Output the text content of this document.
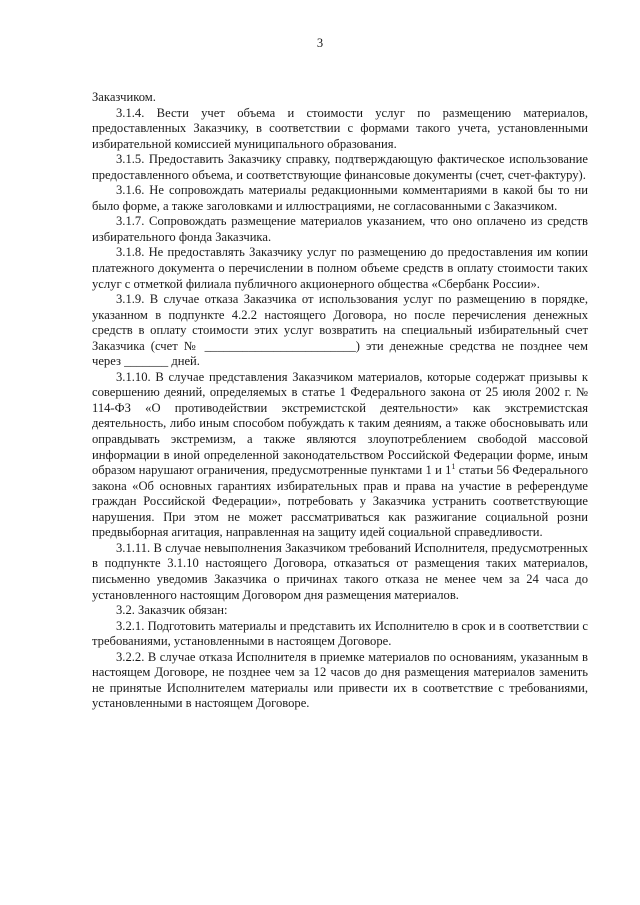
3

Заказчиком.

3.1.4. Вести учет объема и стоимости услуг по размещению материалов, предоставленных Заказчику, в соответствии с формами такого учета, установленными избирательной комиссией муниципального образования.

3.1.5. Предоставить Заказчику справку, подтверждающую фактическое использование предоставленного объема, и соответствующие финансовые документы (счет, счет-фактуру).

3.1.6. Не сопровождать материалы редакционными комментариями в какой бы то ни было форме, а также заголовками и иллюстрациями, не согласованными с Заказчиком.

3.1.7. Сопровождать размещение материалов указанием, что оно оплачено из средств избирательного фонда Заказчика.

3.1.8. Не предоставлять Заказчику услуг по размещению до предоставления им копии платежного документа о перечислении в полном объеме средств в оплату стоимости таких услуг с отметкой филиала публичного акционерного общества «Сбербанк России».

3.1.9. В случае отказа Заказчика от использования услуг по размещению в порядке, указанном в подпункте 4.2.2 настоящего Договора, но после перечисления денежных средств в оплату стоимости этих услуг возвратить на специальный избирательный счет Заказчика (счет № ________________________) эти денежные средства не позднее чем через _______ дней.

3.1.10. В случае представления Заказчиком материалов, которые содержат призывы к совершению деяний, определяемых в статье 1 Федерального закона от 25 июля 2002 г. № 114-ФЗ «О противодействии экстремистской деятельности» как экстремистская деятельность, либо иным способом побуждать к таким деяниям, а также обосновывать или оправдывать экстремизм, а также являются злоупотреблением свободой массовой информации в иной определенной законодательством Российской Федерации форме, иным образом нарушают ограничения, предусмотренные пунктами 1 и $1^1$ статьи 56 Федерального закона «Об основных гарантиях избирательных прав и права на участие в референдуме граждан Российской Федерации», потребовать у Заказчика устранить соответствующие нарушения. При этом не может рассматриваться как разжигание социальной розни предвыборная агитация, направленная на защиту идей социальной справедливости.

3.1.11. В случае невыполнения Заказчиком требований Исполнителя, предусмотренных в подпункте 3.1.10 настоящего Договора, отказаться от размещения таких материалов, письменно уведомив Заказчика о причинах такого отказа не менее чем за 24 часа до установленного настоящим Договором дня размещения материалов.

3.2. Заказчик обязан:

3.2.1. Подготовить материалы и представить их Исполнителю в срок и в соответствии с требованиями, установленными в настоящем Договоре.

3.2.2. В случае отказа Исполнителя в приемке материалов по основаниям, указанным в настоящем Договоре, не позднее чем за 12 часов до дня размещения материалов заменить не принятые Исполнителем материалы или привести их в соответствие с требованиями, установленными в настоящем Договоре.
